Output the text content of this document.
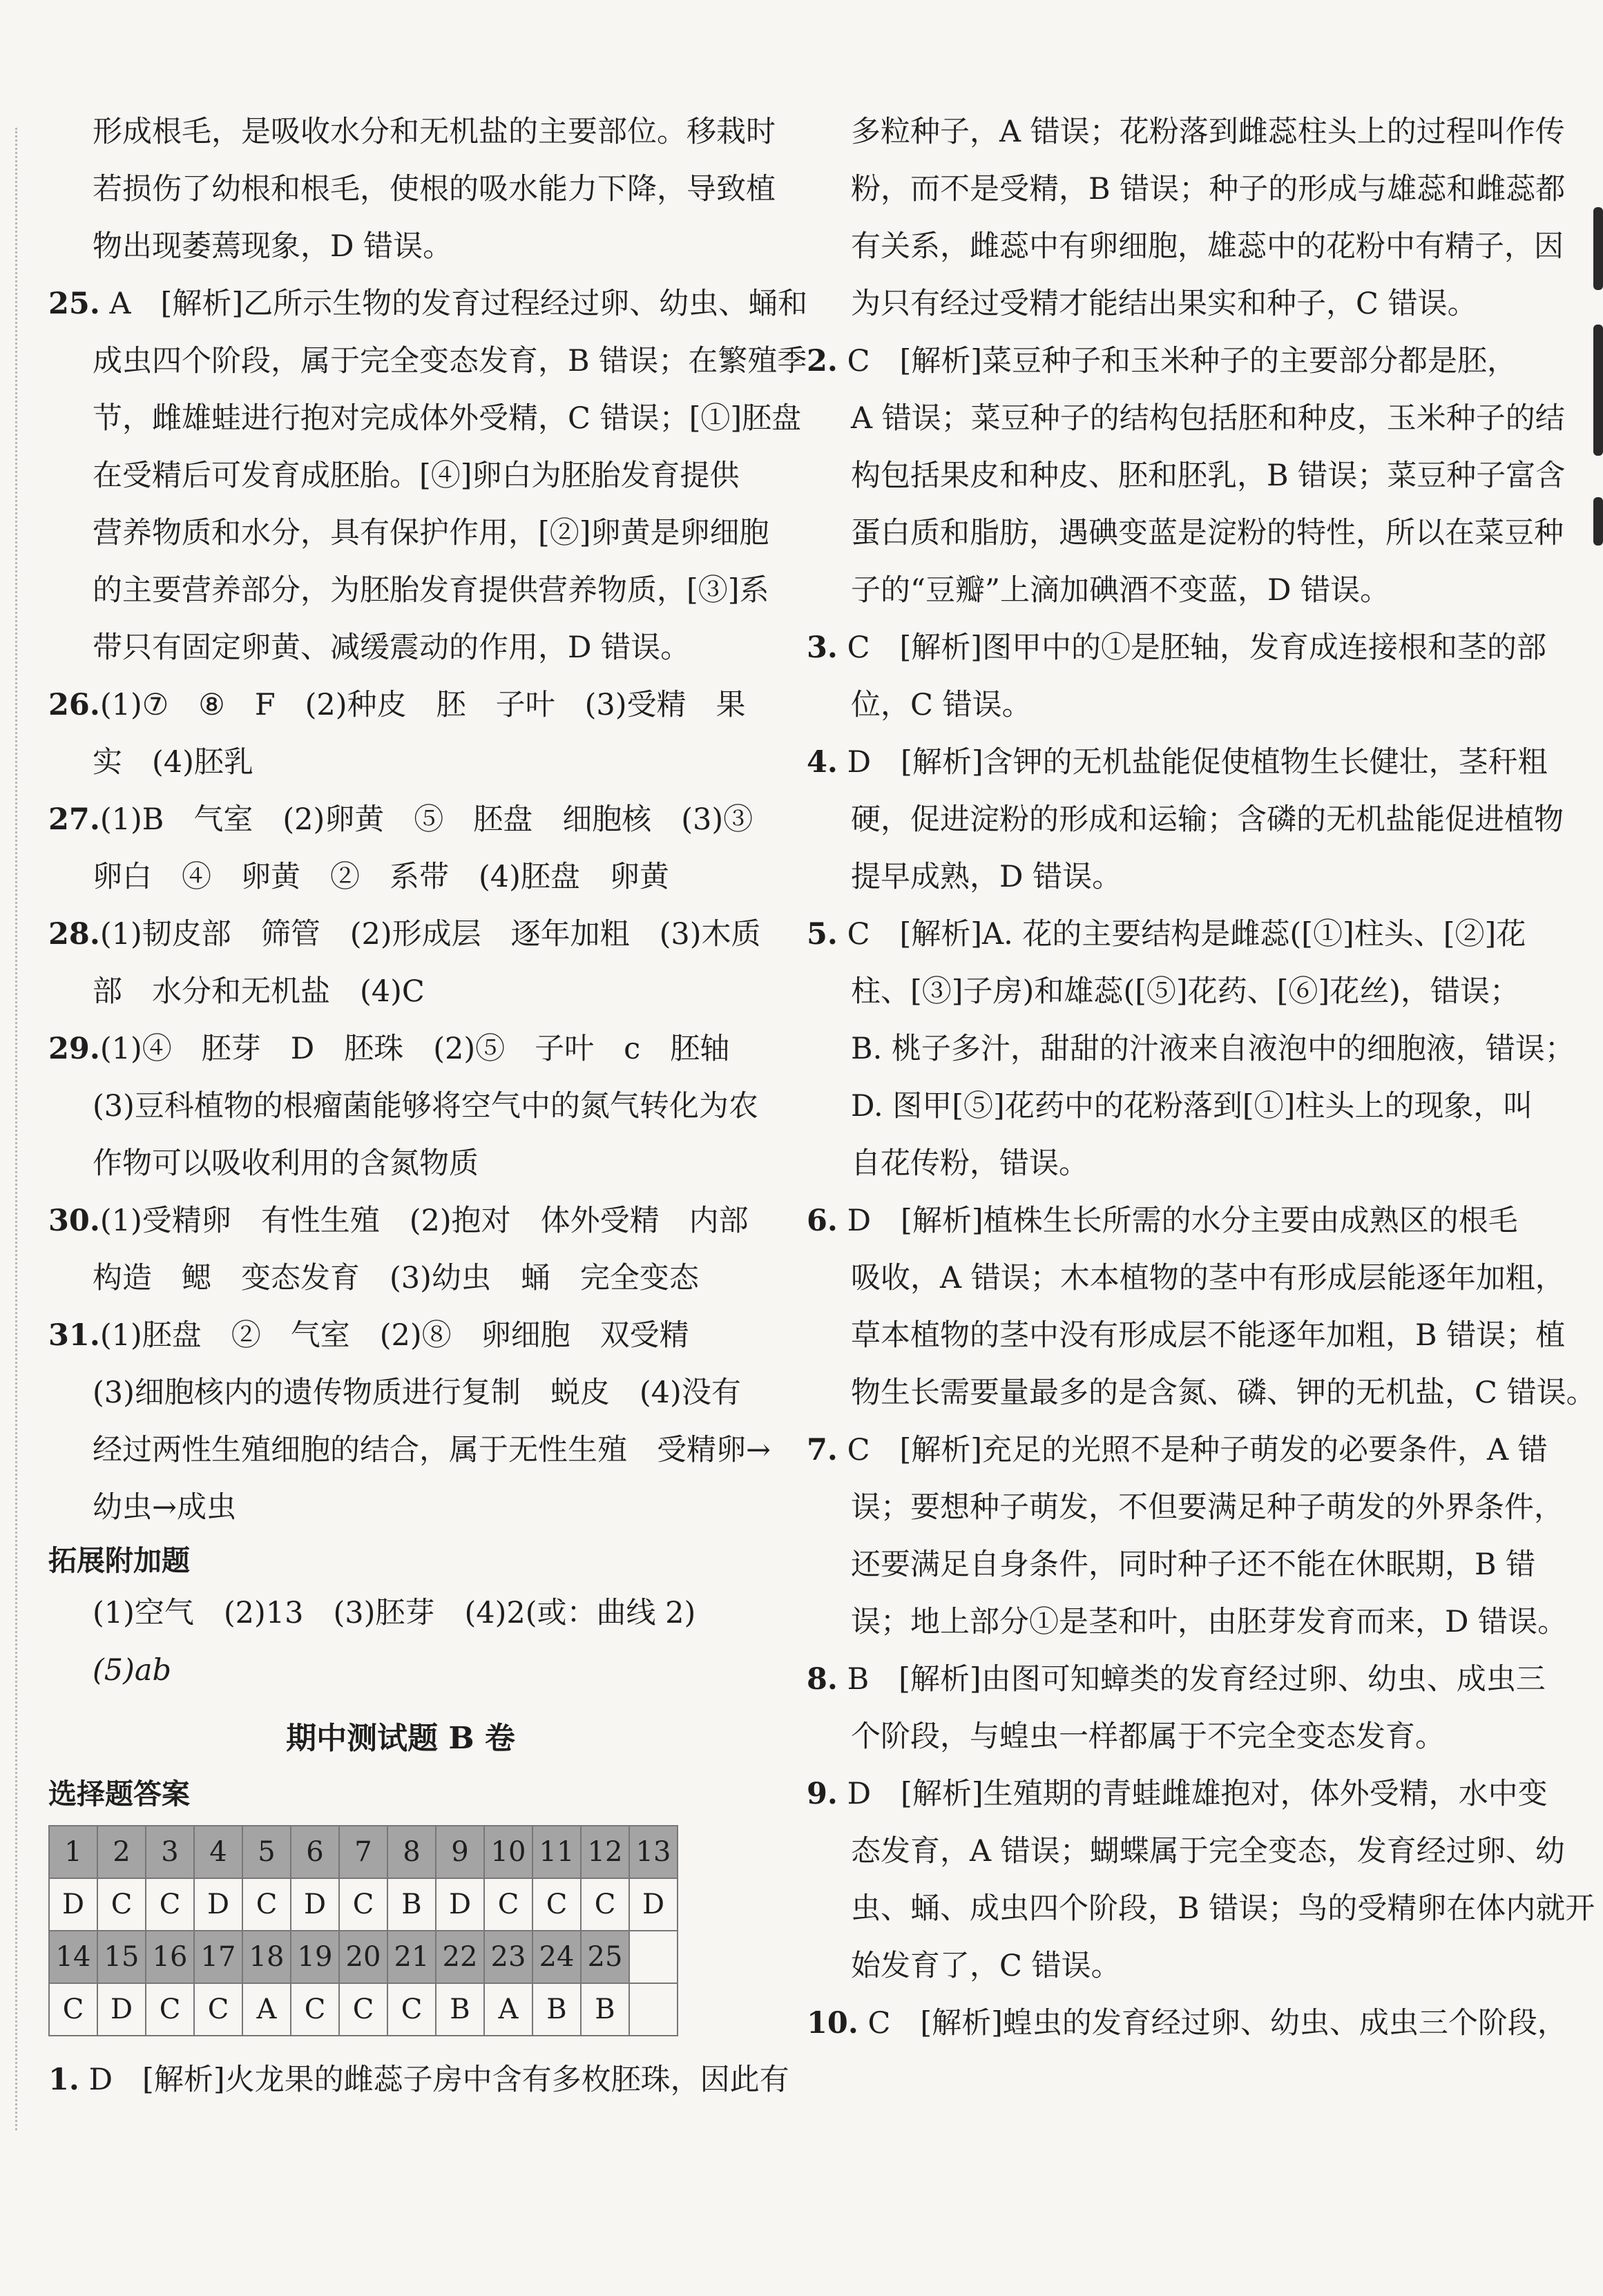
形成根毛，是吸收水分和无机盐的主要部位。移栽时
若损伤了幼根和根毛，使根的吸水能力下降，导致植
物出现萎蔫现象，D 错误。
25. A　[解析]乙所示生物的发育过程经过卵、幼虫、蛹和
成虫四个阶段，属于完全变态发育，B 错误；在繁殖季
节，雌雄蛙进行抱对完成体外受精，C 错误；[①]胚盘
在受精后可发育成胚胎。[④]卵白为胚胎发育提供
营养物质和水分，具有保护作用，[②]卵黄是卵细胞
的主要营养部分，为胚胎发育提供营养物质，[③]系
带只有固定卵黄、减缓震动的作用，D 错误。
26.(1)⑦　⑧　F　(2)种皮　胚　子叶　(3)受精　果
实　(4)胚乳
27.(1)B　气室　(2)卵黄　⑤　胚盘　细胞核　(3)③
卵白　④　卵黄　②　系带　(4)胚盘　卵黄
28.(1)韧皮部　筛管　(2)形成层　逐年加粗　(3)木质
部　水分和无机盐　(4)C
29.(1)④　胚芽　D　胚珠　(2)⑤　子叶　c　胚轴
(3)豆科植物的根瘤菌能够将空气中的氮气转化为农
作物可以吸收利用的含氮物质
30.(1)受精卵　有性生殖　(2)抱对　体外受精　内部
构造　鳃　变态发育　(3)幼虫　蛹　完全变态
31.(1)胚盘　②　气室　(2)⑧　卵细胞　双受精
(3)细胞核内的遗传物质进行复制　蜕皮　(4)没有
经过两性生殖细胞的结合，属于无性生殖　受精卵→
幼虫→成虫
拓展附加题
(1)空气　(2)13　(3)胚芽　(4)2(或：曲线 2)
(5)ab
期中测试题 B 卷
选择题答案
1	2	3	4	5	6	7	8	9	10	11	12	13
D	C	C	D	C	D	C	B	D	C	C	C	D
14	15	16	17	18	19	20	21	22	23	24	25	
C	D	C	C	A	C	C	C	B	A	B	B	
1. D　[解析]火龙果的雌蕊子房中含有多枚胚珠，因此有
多粒种子，A 错误；花粉落到雌蕊柱头上的过程叫作传
粉，而不是受精，B 错误；种子的形成与雄蕊和雌蕊都
有关系，雌蕊中有卵细胞，雄蕊中的花粉中有精子，因
为只有经过受精才能结出果实和种子，C 错误。
2. C　[解析]菜豆种子和玉米种子的主要部分都是胚，
A 错误；菜豆种子的结构包括胚和种皮，玉米种子的结
构包括果皮和种皮、胚和胚乳，B 错误；菜豆种子富含
蛋白质和脂肪，遇碘变蓝是淀粉的特性，所以在菜豆种
子的“豆瓣”上滴加碘酒不变蓝，D 错误。
3. C　[解析]图甲中的①是胚轴，发育成连接根和茎的部
位，C 错误。
4. D　[解析]含钾的无机盐能促使植物生长健壮，茎秆粗
硬，促进淀粉的形成和运输；含磷的无机盐能促进植物
提早成熟，D 错误。
5. C　[解析]A. 花的主要结构是雌蕊([①]柱头、[②]花
柱、[③]子房)和雄蕊([⑤]花药、[⑥]花丝)，错误；
B. 桃子多汁，甜甜的汁液来自液泡中的细胞液，错误；
D. 图甲[⑤]花药中的花粉落到[①]柱头上的现象，叫
自花传粉，错误。
6. D　[解析]植株生长所需的水分主要由成熟区的根毛
吸收，A 错误；木本植物的茎中有形成层能逐年加粗，
草本植物的茎中没有形成层不能逐年加粗，B 错误；植
物生长需要量最多的是含氮、磷、钾的无机盐，C 错误。
7. C　[解析]充足的光照不是种子萌发的必要条件，A 错
误；要想种子萌发，不但要满足种子萌发的外界条件，
还要满足自身条件，同时种子还不能在休眠期，B 错
误；地上部分①是茎和叶，由胚芽发育而来，D 错误。
8. B　[解析]由图可知蟑类的发育经过卵、幼虫、成虫三
个阶段，与蝗虫一样都属于不完全变态发育。
9. D　[解析]生殖期的青蛙雌雄抱对，体外受精，水中变
态发育，A 错误；蝴蝶属于完全变态，发育经过卵、幼
虫、蛹、成虫四个阶段，B 错误；鸟的受精卵在体内就开
始发育了，C 错误。
10. C　[解析]蝗虫的发育经过卵、幼虫、成虫三个阶段，
